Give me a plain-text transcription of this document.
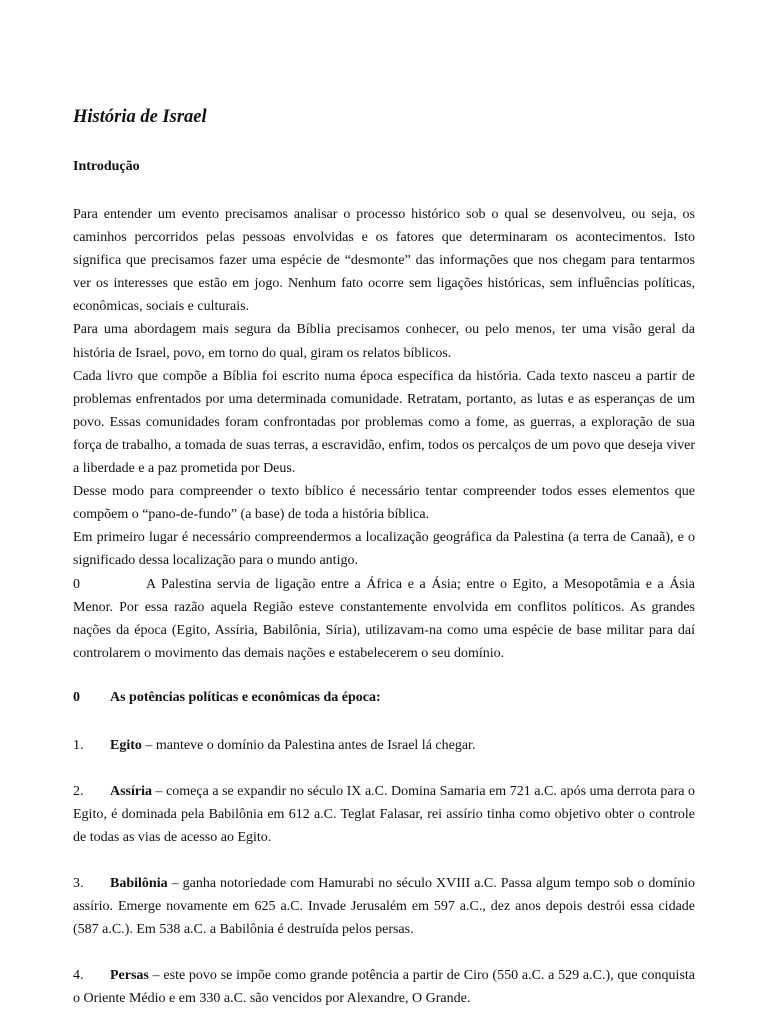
História de Israel
Introdução

Para entender um evento precisamos analisar o processo histórico sob o qual se desenvolveu, ou seja, os caminhos percorridos pelas pessoas envolvidas e os fatores que determinaram os acontecimentos. Isto significa que precisamos fazer uma espécie de “desmonte” das informações que nos chegam para tentarmos ver os interesses que estão em jogo. Nenhum fato ocorre sem ligações históricas, sem influências políticas, econômicas, sociais e culturais.

Para uma abordagem mais segura da Bíblia precisamos conhecer, ou pelo menos, ter uma visão geral da história de Israel, povo, em torno do qual, giram os relatos bíblicos.

Cada livro que compõe a Bíblia foi escrito numa época específica da história. Cada texto nasceu a partir de problemas enfrentados por uma determinada comunidade. Retratam, portanto, as lutas e as esperanças de um povo. Essas comunidades foram confrontadas por problemas como a fome, as guerras, a exploração de sua força de trabalho, a tomada de suas terras, a escravidão, enfim, todos os percalços de um povo que deseja viver a liberdade e a paz prometida por Deus.

Desse modo para compreender o texto bíblico é necessário tentar compreender todos esses elementos que compõem o “pano-de-fundo” (a base) de toda a história bíblica.

Em primeiro lugar é necessário compreendermos a localização geográfica da Palestina (a terra de Canaã), e o significado dessa localização para o mundo antigo.

0	A Palestina servia de ligação entre a África e a Ásia; entre o Egito, a Mesopotâmia e a Ásia Menor. Por essa razão aquela Região esteve constantemente envolvida em conflitos políticos. As grandes nações da época (Egito, Assíria, Babilônia, Síria), utilizavam-na como uma espécie de base militar para daí controlarem o movimento das demais nações e estabelecerem o seu domínio.

0 As potências políticas e econômicas da época:
1. Egito – manteve o domínio da Palestina antes de Israel lá chegar.
2. Assíria – começa a se expandir no século IX a.C. Domina Samaria em 721 a.C. após uma derrota para o Egito, é dominada pela Babilônia em 612 a.C. Teglat Falasar, rei assírio tinha como objetivo obter o controle de todas as vias de acesso ao Egito.
3. Babilônia – ganha notoriedade com Hamurabi no século XVIII a.C. Passa algum tempo sob o domínio assírio. Emerge novamente em 625 a.C. Invade Jerusalém em 597 a.C., dez anos depois destrói essa cidade (587 a.C.). Em 538 a.C. a Babilônia é destruída pelos persas.
4. Persas – este povo se impõe como grande potência a partir de Ciro (550 a.C. a 529 a.C.), que conquista o Oriente Médio e em 330 a.C. são vencidos por Alexandre, O Grande.
